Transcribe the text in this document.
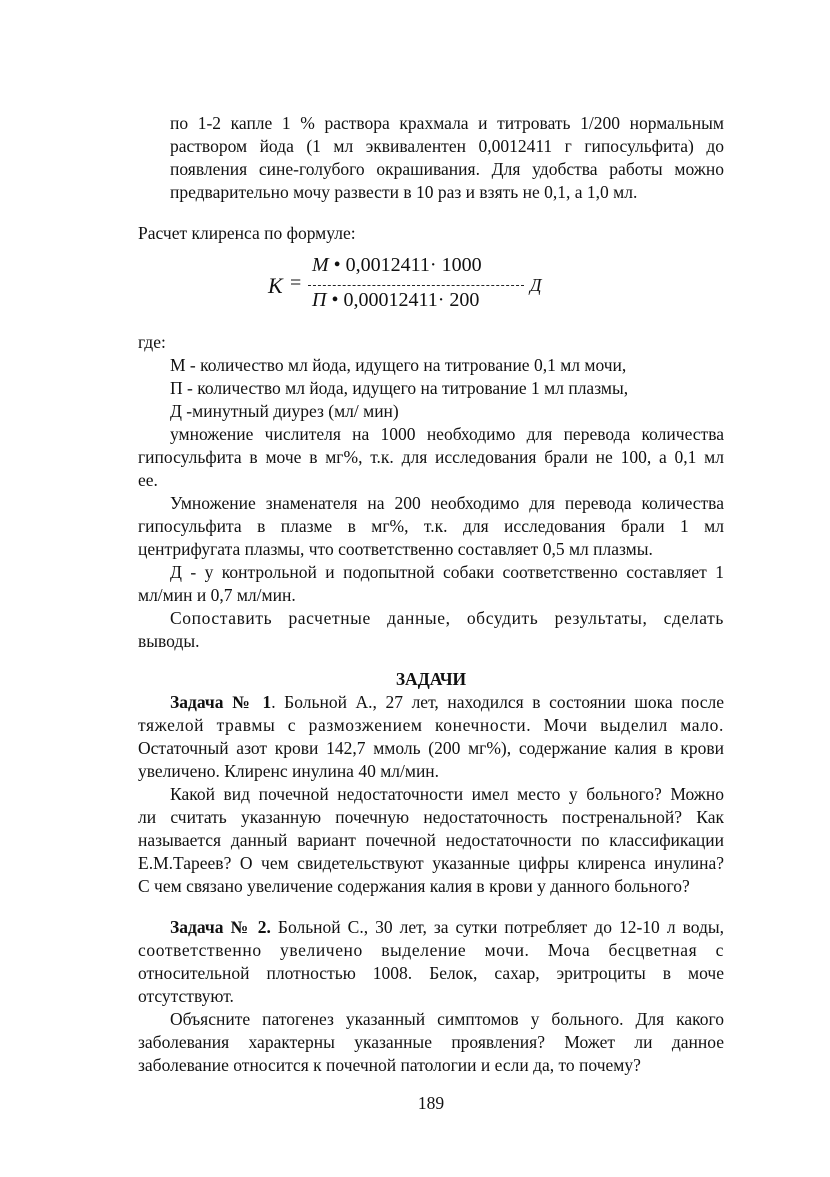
по 1-2 капле 1 % раствора крахмала и титровать 1/200 нормальным
раствором йода (1 мл эквивалентен 0,0012411 г гипосульфита) до
появления сине-голубого окрашивания. Для удобства работы можно
предварительно мочу развести в 10 раз и взять не 0,1, а 1,0 мл.
Расчет клиренса по формуле:
К =
М • 0,0012411· 1000
П • 0,00012411· 200
Д
где:
М - количество мл йода, идущего на титрование 0,1 мл мочи,
П - количество мл йода, идущего на титрование 1 мл плазмы,
Д -минутный диурез (мл/ мин)
умножение числителя на 1000 необходимо для перевода количества
гипосульфита в моче в мг%, т.к. для исследования брали не 100, а 0,1 мл
ее.
Умножение знаменателя на 200 необходимо для перевода количества
гипосульфита в плазме в мг%, т.к. для исследования брали 1 мл
центрифугата плазмы, что соответственно составляет 0,5 мл плазмы.
Д - у контрольной и подопытной собаки соответственно составляет 1
мл/мин и 0,7 мл/мин.
Сопоставить расчетные данные, обсудить результаты, сделать
выводы.
ЗАДАЧИ
Задача № 1. Больной А., 27 лет, находился в состоянии шока после
тяжелой травмы с размозжением конечности. Мочи выделил мало.
Остаточный азот крови 142,7 ммоль (200 мг%), содержание калия в крови
увеличено. Клиренс инулина 40 мл/мин.
Какой вид почечной недостаточности имел место у больного? Можно
ли считать указанную почечную недостаточность постренальной? Как
называется данный вариант почечной недостаточности по классификации
Е.М.Тареев? О чем свидетельствуют указанные цифры клиренса инулина?
С чем связано увеличение содержания калия в крови у данного больного?
Задача № 2. Больной С., 30 лет, за сутки потребляет до 12-10 л воды,
соответственно увеличено выделение мочи. Моча бесцветная с
относительной плотностью 1008. Белок, сахар, эритроциты в моче
отсутствуют.
Объясните патогенез указанный симптомов у больного. Для какого
заболевания характерны указанные проявления? Может ли данное
заболевание относится к почечной патологии и если да, то почему?
189
